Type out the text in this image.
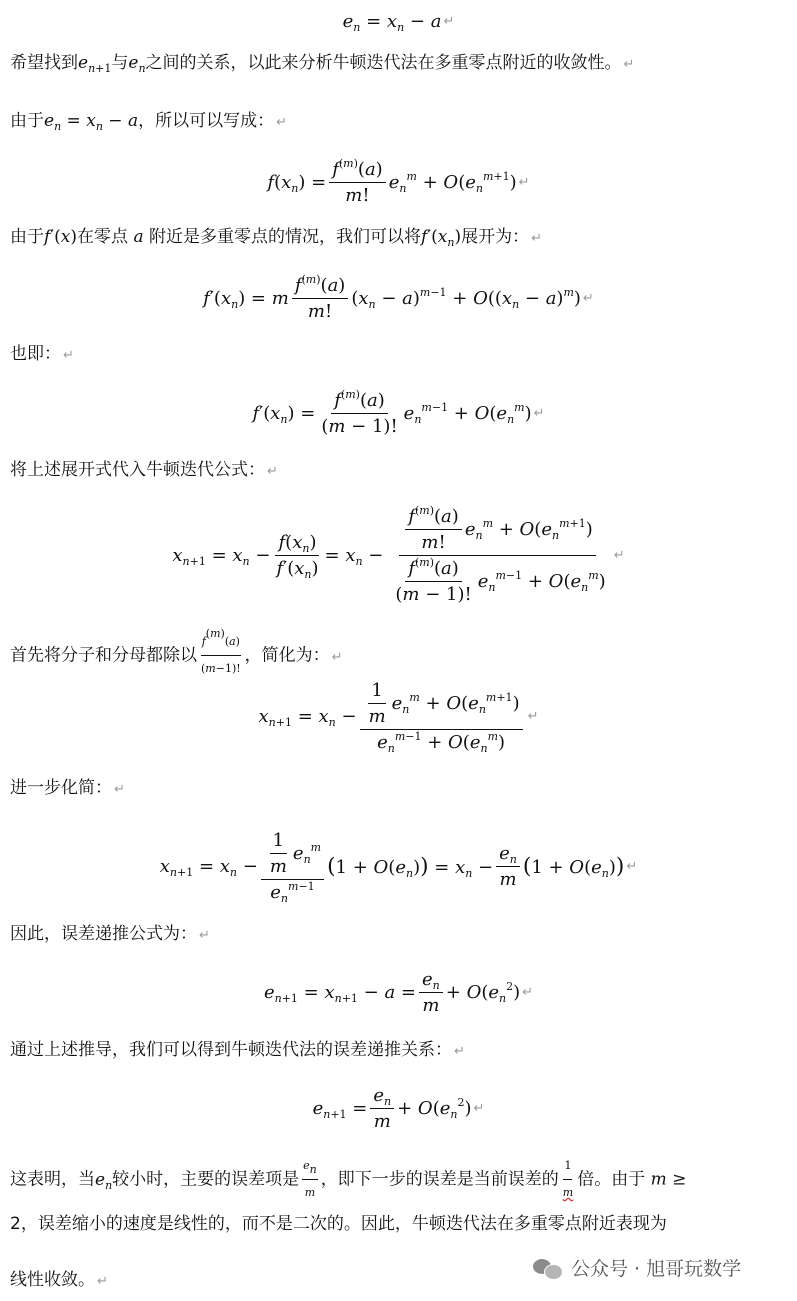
$e_n = x_n - a$ ↵
希望找到$e_{n+1}$与$e_n$之间的关系，以此来分析牛顿迭代法在多重零点附近的收敛性。 ↵
由于$e_n = x_n - a$，所以可以写成： ↵
$f(x_n) = \frac{f^{(m)}(a)}{m!} e_n^m + O(e_n^{m+1})$ ↵
由于f′(x)在零点 a 附近是多重零点的情况，我们可以将$f'(x_n)$展开为： ↵
$f'(x_n) = m$
$f^{(m)}(a)$
m!
$(x_n - a)^{m-1} + O((x_n - a)^m)$ ↵
也即： ↵
$f'(x_n) = \frac{f^{(m)}(a)}{(m - 1)!} e_n^{m-1} + O(e_n^m)$ ↵
将上述展开式代入牛顿迭代公式： ↵
$x_{n+1} = x_n - \frac{f(x_n)}{f'(x_n)} = x_n$ −
$f^{(m)}(a)$
m!
$e_n^m + O(e_n^{m+1})$
$f^{(m)}(a)$
(m − 1)!
$e_n^{m-1} + O(e_n^m)$
↵
首先将分子和分母都除以 $\frac{f^{(m)}(a)}{(m-1)!}$ ，简化为： ↵
$x_{n+1} = x_n$ −
1
m
$e_n^m + O(e_n^{m+1})$
$e_n^{m-1} + O(e_n^m)$
↵
进一步化简： ↵
$x_{n+1} = x_n$ −
1
m
$e_n^m$
$e_n^{m-1}$
$(1 + O(e_n)) = x_n - \frac{e_n}{m} (1 + O(e_n))$ ↵
因此，误差递推公式为： ↵
$e_{n+1} = x_{n+1} - a = \frac{e_n}{m} + O(e_n^2)$ ↵
通过上述推导，我们可以得到牛顿迭代法的误差递推关系： ↵
$e_{n+1} = \frac{e_n}{m} + O(e_n^2)$ ↵
这表明，当$e_n$较小时，主要的误差项是 $\frac{e_n}{m}$ ，即下一步的误差是当前误差的 $\frac{1}{m}$ 倍。由于 m ≥
2，误差缩小的速度是线性的，而不是二次的。因此，牛顿迭代法在多重零点附近表现为
线性收敛。 ↵
公众号 · 旭哥玩数学
